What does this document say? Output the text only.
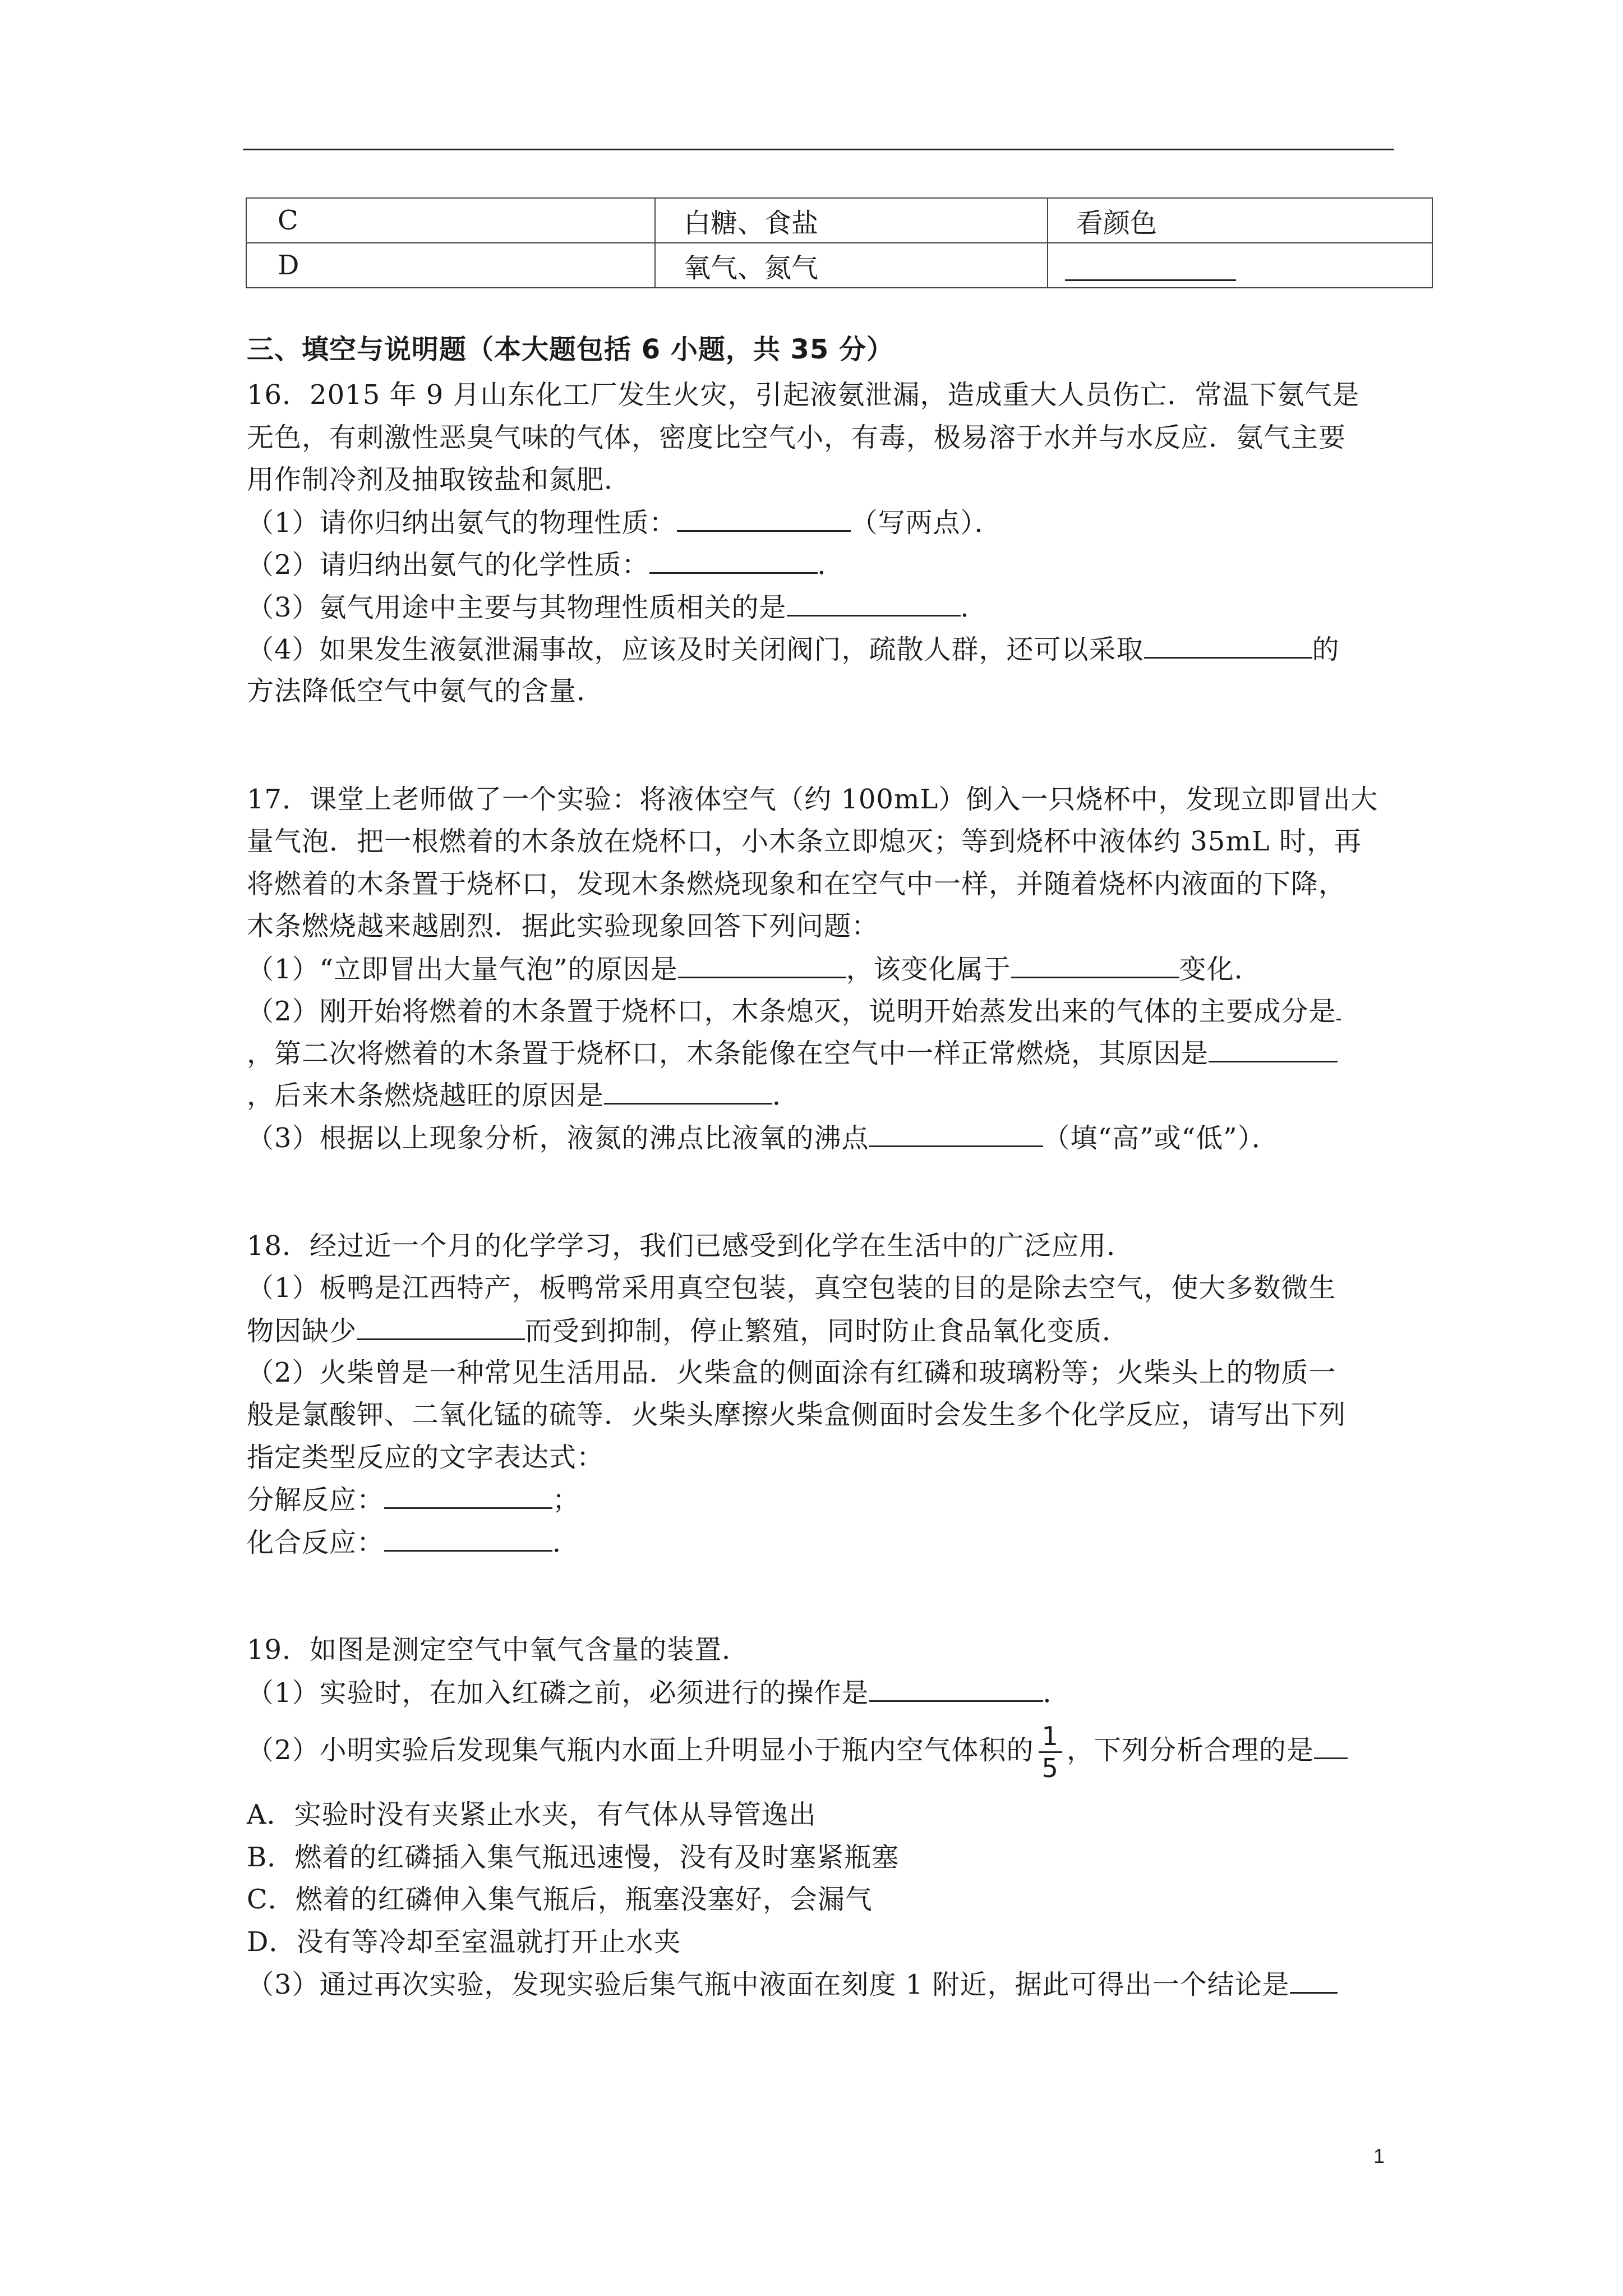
C	白糖、食盐	看颜色
D	氧气、氮气	
三、填空与说明题（本大题包括 6 小题，共 35 分）
16．2015 年 9 月山东化工厂发生火灾，引起液氨泄漏，造成重大人员伤亡．常温下氨气是
无色，有刺激性恶臭气味的气体，密度比空气小，有毒，极易溶于水并与水反应．氨气主要
用作制冷剂及抽取铵盐和氮肥．
（1）请你归纳出氨气的物理性质：	（写两点）．
（2）请归纳出氨气的化学性质：	．
（3）氨气用途中主要与其物理性质相关的是	．
（4）如果发生液氨泄漏事故，应该及时关闭阀门，疏散人群，还可以采取	的
方法降低空气中氨气的含量．
17．课堂上老师做了一个实验：将液体空气（约 100mL）倒入一只烧杯中，发现立即冒出大
量气泡．把一根燃着的木条放在烧杯口，小木条立即熄灭；等到烧杯中液体约 35mL 时，再
将燃着的木条置于烧杯口，发现木条燃烧现象和在空气中一样，并随着烧杯内液面的下降，
木条燃烧越来越剧烈．据此实验现象回答下列问题：
（1）“立即冒出大量气泡”的原因是	，该变化属于	变化．
（2）刚开始将燃着的木条置于烧杯口，木条熄灭，说明开始蒸发出来的气体的主要成分是
，第二次将燃着的木条置于烧杯口，木条能像在空气中一样正常燃烧，其原因是
，后来木条燃烧越旺的原因是	．
（3）根据以上现象分析，液氮的沸点比液氧的沸点	（填“高”或“低”）．
18．经过近一个月的化学学习，我们已感受到化学在生活中的广泛应用．
（1）板鸭是江西特产，板鸭常采用真空包装，真空包装的目的是除去空气，使大多数微生
物因缺少	而受到抑制，停止繁殖，同时防止食品氧化变质．
（2）火柴曾是一种常见生活用品．火柴盒的侧面涂有红磷和玻璃粉等；火柴头上的物质一
般是氯酸钾、二氧化锰的硫等．火柴头摩擦火柴盒侧面时会发生多个化学反应，请写出下列
指定类型反应的文字表达式：
分解反应：	；
化合反应：	．
19．如图是测定空气中氧气含量的装置．
（1）实验时，在加入红磷之前，必须进行的操作是	．
（2）小明实验后发现集气瓶内水面上升明显小于瓶内空气体积的 $\frac{1}{5}$ ，下列分析合理的是
A．实验时没有夹紧止水夹，有气体从导管逸出
B．燃着的红磷插入集气瓶迅速慢，没有及时塞紧瓶塞
C．燃着的红磷伸入集气瓶后，瓶塞没塞好，会漏气
D．没有等冷却至室温就打开止水夹
（3）通过再次实验，发现实验后集气瓶中液面在刻度 1 附近，据此可得出一个结论是
1
